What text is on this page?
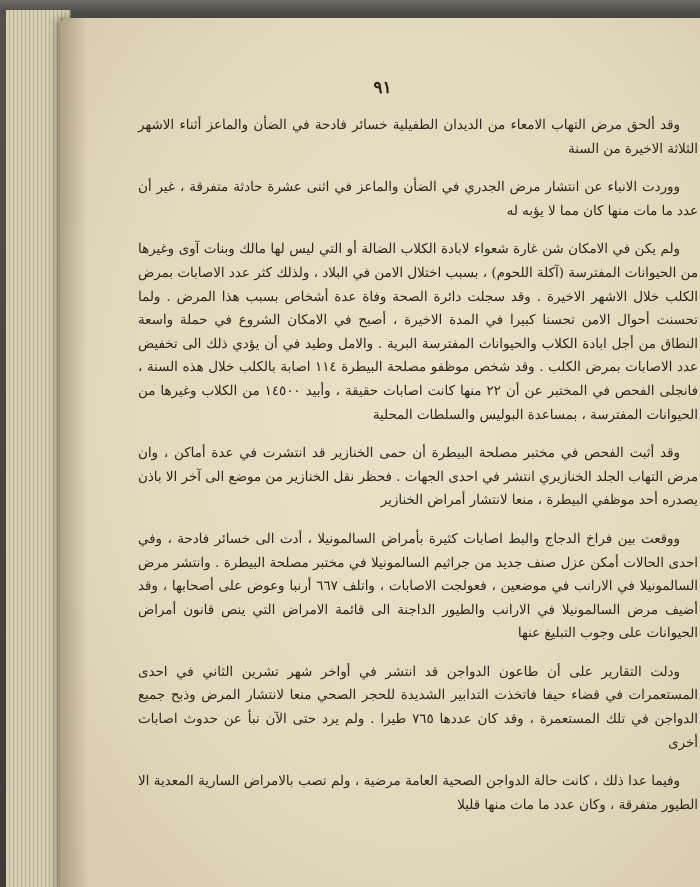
٩١

وقد ألحق مرض التهاب الامعاء من الديدان الطفيلية خسائر فادحة في الضأن والماعز أثناء الاشهر الثلاثة الاخيرة من السنة

ووردت الانباء عن انتشار مرض الجدري في الضأن والماعز في اثنى عشرة حادثة متفرقة ، غير أن عدد ما مات منها كان مما لا يؤبه له

ولم يكن في الامكان شن غارة شعواء لابادة الكلاب الضالة أو التي ليس لها مالك وبنات آوى وغيرها من الحيوانات المفترسة (آكلة اللحوم) ، بسبب اختلال الامن في البلاد ، ولذلك كثر عدد الاصابات بمرض الكلب خلال الاشهر الاخيرة . وقد سجلت دائرة الصحة وفاة عدة أشخاص بسبب هذا المرض . ولما تحسنت أحوال الامن تحسنا كبيرا في المدة الاخيرة ، أصبح في الامكان الشروع في حملة واسعة النطاق من أجل ابادة الكلاب والحيوانات المفترسة البرية . والامل وطيد في أن يؤدي ذلك الى تخفيض عدد الاصابات بمرض الكلب . وقد شخص موظفو مصلحة البيطرة ١١٤ اصابة بالكلب خلال هذه السنة ، فانجلى الفحص في المختبر عن أن ٢٢ منها كانت اصابات حقيقة ، وأبيد ١٤٥٠٠ من الكلاب وغيرها من الحيوانات المفترسة ، بمساعدة البوليس والسلطات المحلية

وقد أثبت الفحص في مختبر مصلحة البيطرة أن حمى الخنازير قد انتشرت في عدة أماكن ، وان مرض التهاب الجلد الخنازيري انتشر في احدى الجهات . فحظر نقل الخنازير من موضع الى آخر الا باذن يصدره أحد موظفي البيطرة ، منعا لانتشار أمراض الخنازير

ووقعت بين فراخ الدجاج والبط اصابات كثيرة بأمراض السالمونيلا ، أدت الى خسائر فادحة ، وفي احدى الحالات أمكن عزل صنف جديد من جراثيم السالمونيلا في مختبر مصلحة البيطرة . وانتشر مرض السالمونيلا في الارانب في موضعين ، فعولجت الاصابات ، واتلف ٦٦٧ أرنبا وعوض على أصحابها ، وقد أضيف مرض السالمونيلا في الارانب والطيور الداجنة الى قائمة الامراض التي ينص قانون أمراض الحيوانات على وجوب التبليغ عنها

ودلت التقارير على أن طاعون الدواجن قد انتشر في أواخر شهر تشرين الثاني في احدى المستعمرات في قضاء حيفا فاتخذت التدابير الشديدة للحجر الصحي منعا لانتشار المرض وذبح جميع الدواجن في تلك المستعمرة ، وقد كان عددها ٧٦٥ طيرا . ولم يرد حتى الآن نبأ عن حدوث اصابات أخرى

وفيما عدا ذلك ، كانت حالة الدواجن الصحية العامة مرضية ، ولم تصب بالامراض السارية المعدية الا الطيور متفرقة ، وكان عدد ما مات منها قليلا
